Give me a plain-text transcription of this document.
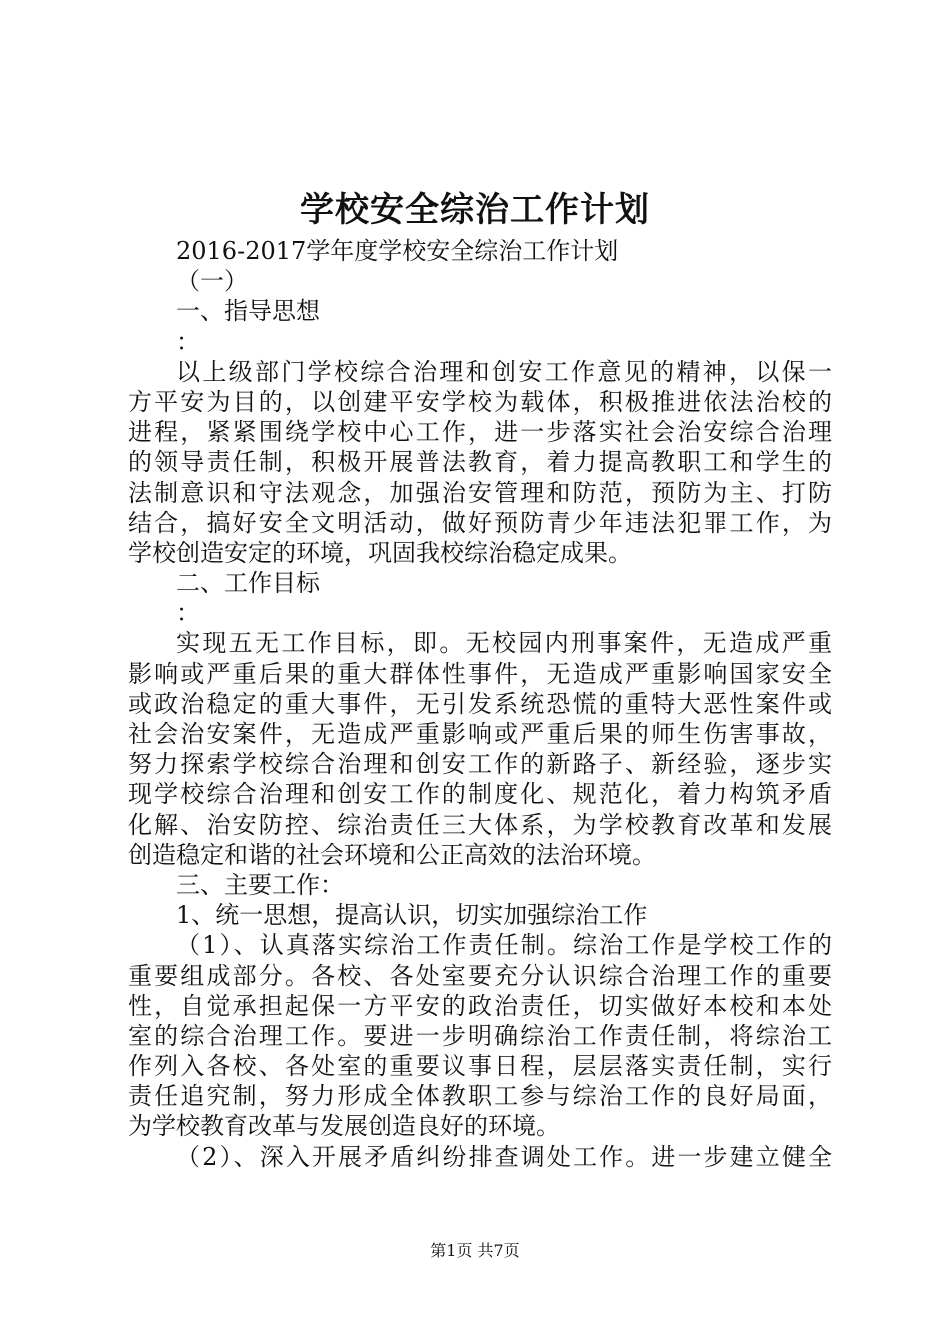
学校安全综治工作计划
2016-2017学年度学校安全综治工作计划
（一）
一、指导思想
：
以上级部门学校综合治理和创安工作意见的精神，以保一
方平安为目的，以创建平安学校为载体，积极推进依法治校的
进程，紧紧围绕学校中心工作，进一步落实社会治安综合治理
的领导责任制，积极开展普法教育，着力提高教职工和学生的
法制意识和守法观念，加强治安管理和防范，预防为主、打防
结合，搞好安全文明活动，做好预防青少年违法犯罪工作，为
学校创造安定的环境，巩固我校综治稳定成果。
二、工作目标
：
实现五无工作目标，即。无校园内刑事案件，无造成严重
影响或严重后果的重大群体性事件，无造成严重影响国家安全
或政治稳定的重大事件，无引发系统恐慌的重特大恶性案件或
社会治安案件，无造成严重影响或严重后果的师生伤害事故，
努力探索学校综合治理和创安工作的新路子、新经验，逐步实
现学校综合治理和创安工作的制度化、规范化，着力构筑矛盾
化解、治安防控、综治责任三大体系，为学校教育改革和发展
创造稳定和谐的社会环境和公正高效的法治环境。
三、主要工作：
1、统一思想，提高认识，切实加强综治工作
（1）、认真落实综治工作责任制。综治工作是学校工作的
重要组成部分。各校、各处室要充分认识综合治理工作的重要
性，自觉承担起保一方平安的政治责任，切实做好本校和本处
室的综合治理工作。要进一步明确综治工作责任制，将综治工
作列入各校、各处室的重要议事日程，层层落实责任制，实行
责任追究制，努力形成全体教职工参与综治工作的良好局面，
为学校教育改革与发展创造良好的环境。
（2）、深入开展矛盾纠纷排查调处工作。进一步建立健全
第1页 共7页
